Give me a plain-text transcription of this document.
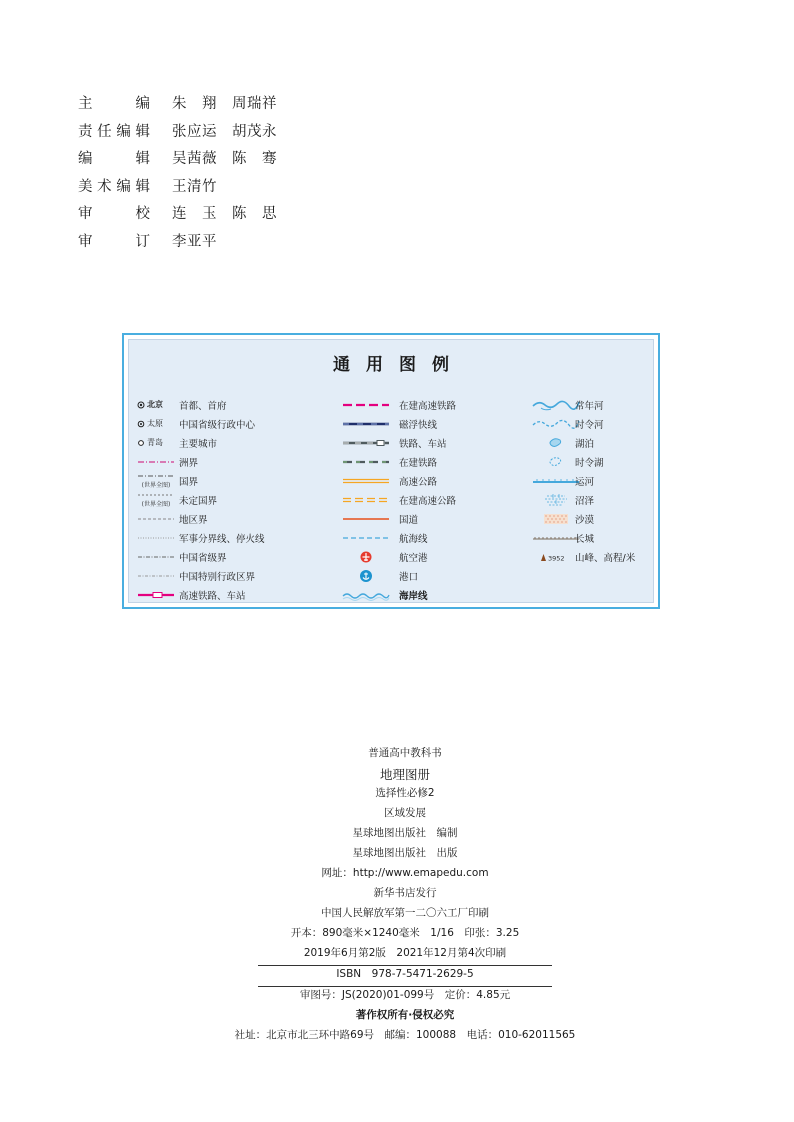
主编 朱　翔　周瑞祥
责任编辑 张应运　胡茂永
编辑 吴茜薇　陈　骞
美术编辑 王清竹
审校 连　玉　陈　思
审订 李亚平
通用图例
北京 首都、首府
太原 中国省级行政中心
青岛 主要城市
洲界
(世界全图) 国界
(世界全图) 未定国界
地区界
军事分界线、停火线
中国省级界
中国特别行政区界
高速铁路、车站
在建高速铁路
磁浮快线
铁路、车站
在建铁路
高速公路
在建高速公路
国道
航海线
航空港
港口
海岸线
常年河
时令河
湖泊
时令湖
运河
沼泽
沙漠
长城
3952 山峰、高程/米
普通高中教科书
地理图册
选择性必修2
区域发展
星球地图出版社　编制
星球地图出版社　出版
网址：http://www.emapedu.com
新华书店发行
中国人民解放军第一二〇六工厂印刷
开本：890毫米×1240毫米　1/16　印张：3.25
2019年6月第2版　2021年12月第4次印刷
ISBN　978-7-5471-2629-5
审图号：JS(2020)01-099号　定价：4.85元
著作权所有·侵权必究
社址：北京市北三环中路69号　邮编：100088　电话：010-62011565
